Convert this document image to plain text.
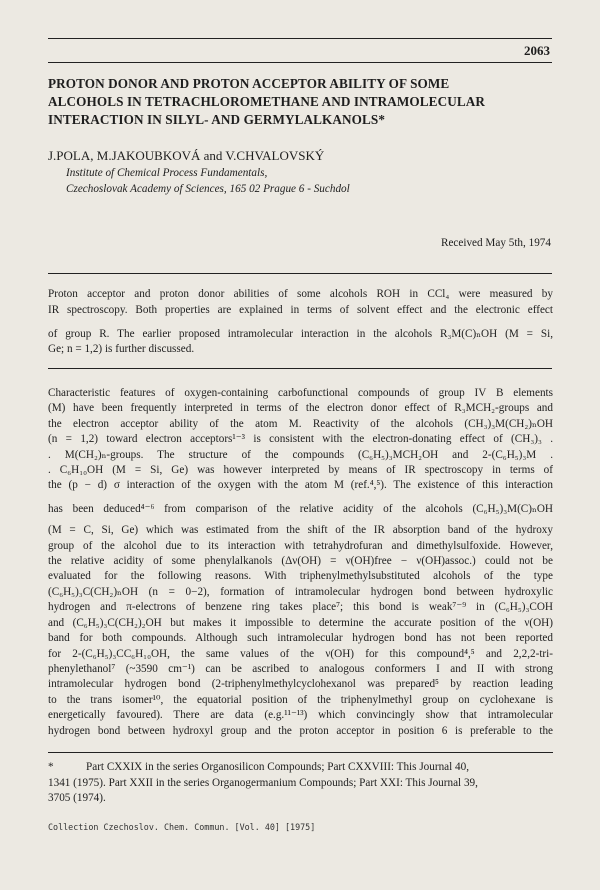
2063
PROTON DONOR AND PROTON ACCEPTOR ABILITY OF SOME
ALCOHOLS IN TETRACHLOROMETHANE AND INTRAMOLECULAR
INTERACTION IN SILYL- AND GERMYLALKANOLS*
J.POLA, M.JAKOUBKOVÁ and V.CHVALOVSKÝ
Institute of Chemical Process Fundamentals,
Czechoslovak Academy of Sciences, 165 02 Prague 6 - Suchdol
Received May 5th, 1974
Proton acceptor and proton donor abilities of some alcohols ROH in CCl₄ were measured by
IR spectroscopy. Both properties are explained in terms of solvent effect and the electronic effect
of group R. The earlier proposed intramolecular interaction in the alcohols R₃M(C)ₙOH (M = Si,
Ge; n = 1,2) is further discussed.
Characteristic features of oxygen-containing carbofunctional compounds of group IV B elements
(M) have been frequently interpreted in terms of the electron donor effect of R₃MCH₂-groups and
the electron acceptor ability of the atom M. Reactivity of the alcohols (CH₃)₃M(CH₂)ₙOH
(n = 1,2) toward electron acceptors¹⁻³ is consistent with the electron-donating effect of (CH₃)₃ .
. M(CH₂)ₙ-groups. The structure of the compounds (C₆H₅)₃MCH₂OH and 2-(C₆H₅)₃M .
. C₆H₁₀OH (M = Si, Ge) was however interpreted by means of IR spectroscopy in terms of
the (p − d) σ interaction of the oxygen with the atom M (ref.⁴,⁵). The existence of this interaction
has been deduced⁴⁻⁶ from comparison of the relative acidity of the alcohols (C₆H₅)₃M(C)ₙOH
(M = C, Si, Ge) which was estimated from the shift of the IR absorption band of the hydroxy
group of the alcohol due to its interaction with tetrahydrofuran and dimethylsulfoxide. However,
the relative acidity of some phenylalkanols (Δν(OH) = ν(OH)free − ν(OH)assoc.) could not be
evaluated for the following reasons. With triphenylmethylsubstituted alcohols of the type
(C₆H₅)₃C(CH₂)ₙOH (n = 0−2), formation of intramolecular hydrogen bond between hydroxylic
hydrogen and π-electrons of benzene ring takes place⁷; this bond is weak⁷⁻⁹ in (C₆H₅)₃COH
and (C₆H₅)₃C(CH₂)₂OH but makes it impossible to determine the accurate position of the ν(OH)
band for both compounds. Although such intramolecular hydrogen bond has not been reported
for 2-(C₆H₅)₃CC₆H₁₀OH, the same values of the ν(OH) for this compound⁴,⁵ and 2,2,2-tri-
phenylethanol⁷ (~3590 cm⁻¹) can be ascribed to analogous conformers I and II with strong
intramolecular hydrogen bond (2-triphenylmethylcyclohexanol was prepared⁵ by reaction leading
to the trans isomer¹⁰, the equatorial position of the triphenylmethyl group on cyclohexane is
energetically favoured). There are data (e.g.¹¹⁻¹³) which convincingly show that intramolecular
hydrogen bond between hydroxyl group and the proton acceptor in position 6 is preferable to the
*	Part CXXIX in the series Organosilicon Compounds; Part CXXVIII: This Journal 40,
1341 (1975). Part XXII in the series Organogermanium Compounds; Part XXI: This Journal 39,
3705 (1974).
Collection Czechoslov. Chem. Commun. [Vol. 40] [1975]
